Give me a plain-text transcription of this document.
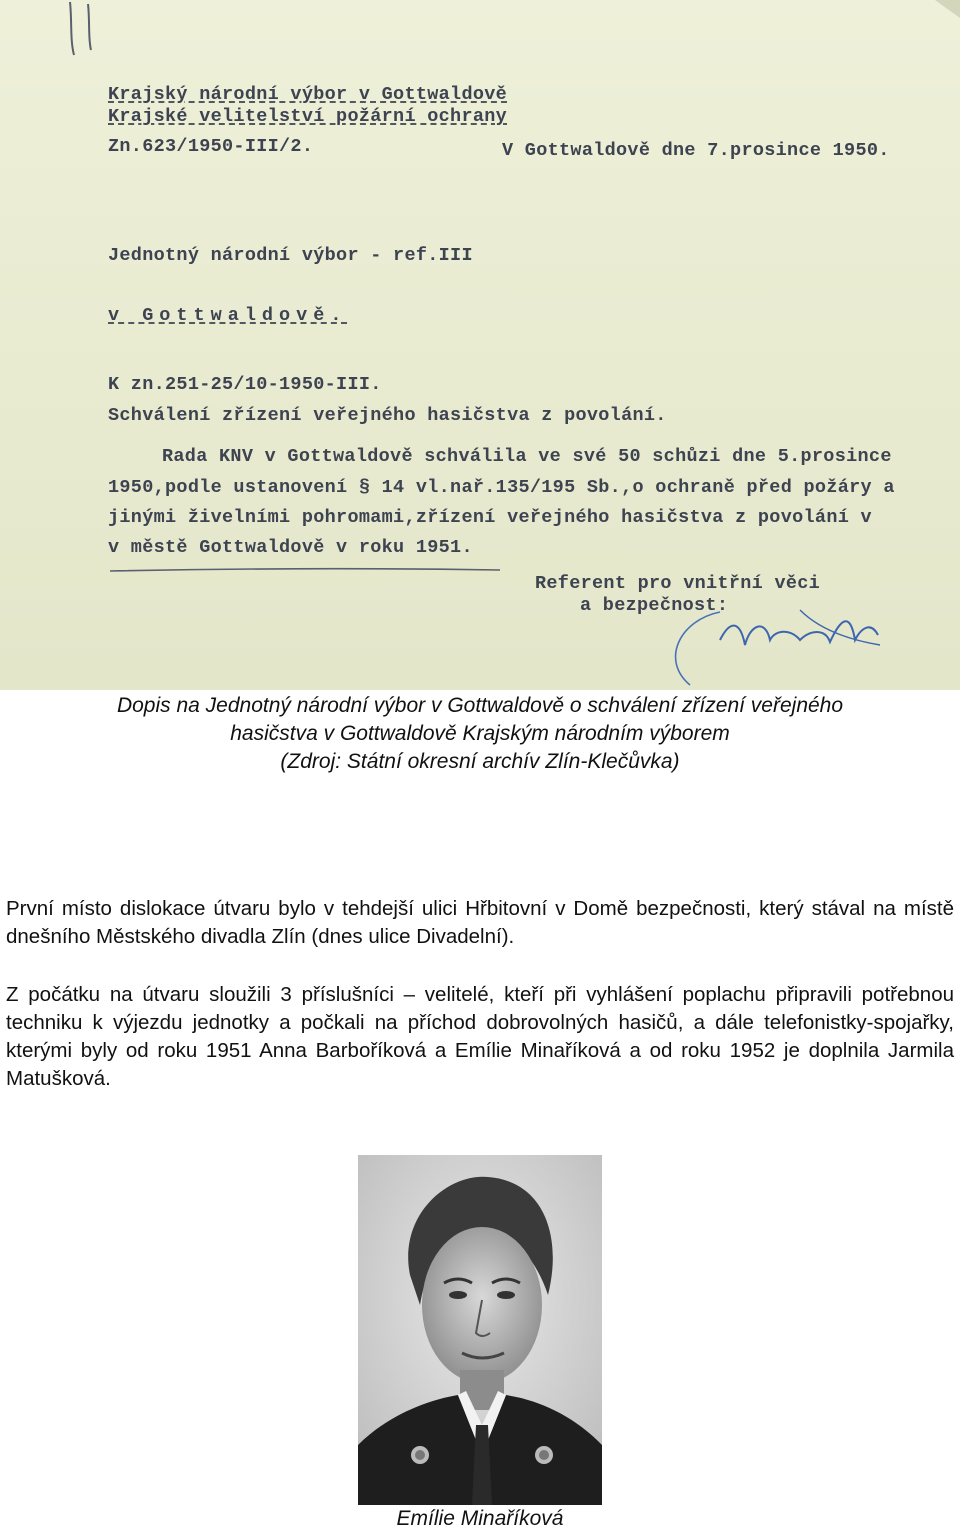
Krajský národní výbor v Gottwaldově

Krajské velitelství požární ochrany

Zn.623/1950-III/2.	V Gottwaldově dne 7.prosince 1950.

Jednotný národní výbor - ref.III

v Gottwaldově.

K zn.251-25/10-1950-III.

Schválení zřízení veřejného hasičstva z povolání.

Rada KNV v Gottwaldově schválila ve své 50 schůzi dne 5.prosince

1950,podle ustanovení § 14 vl.nař.135/195 Sb.,o ochraně před požáry a

jinými živelními pohromami,zřízení veřejného hasičstva z povolání v

v městě Gottwaldově v roku 1951.

Referent pro vnitřní věci

a bezpečnost:

Dopis na Jednotný národní výbor v Gottwaldově o schválení zřízení veřejného
hasičstva v Gottwaldově Krajským národním výborem
(Zdroj: Státní okresní archív Zlín-Klečůvka)

První místo dislokace útvaru bylo v tehdejší ulici Hřbitovní v Domě bezpečnosti, který stával na místě dnešního Městského divadla Zlín (dnes ulice Divadelní).

Z počátku na útvaru sloužili 3 příslušníci – velitelé, kteří při vyhlášení poplachu připravili potřebnou techniku k výjezdu jednotky a počkali na příchod dobrovolných hasičů, a dále telefonistky-spojařky, kterými byly od roku 1951 Anna Barboříková a Emílie Minaříková a od roku 1952 je doplnila Jarmila Matušková.

Emílie Minaříková
